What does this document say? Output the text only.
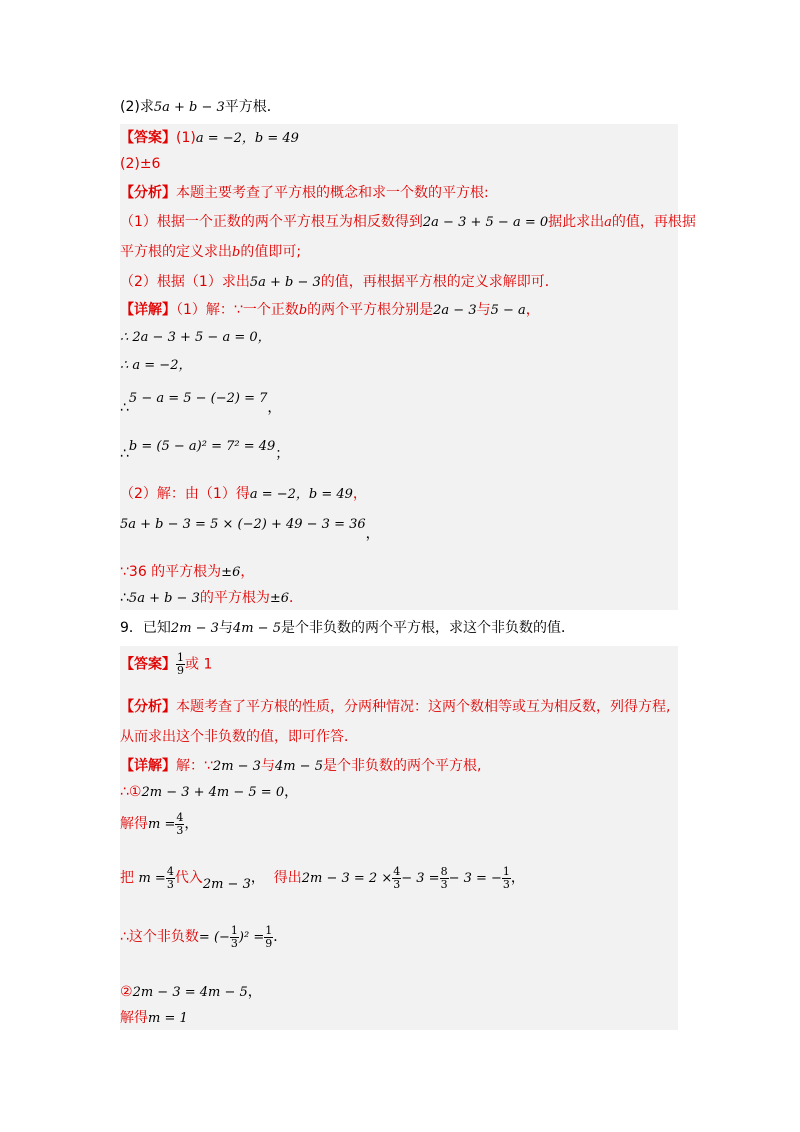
(2)求5a + b − 3平方根．
【答案】(1)a = −2，b = 49
(2)±6
【分析】本题主要考查了平方根的概念和求一个数的平方根:
（1）根据一个正数的两个平方根互为相反数得到2a − 3 + 5 − a = 0据此求出a的值，再根据
平方根的定义求出b的值即可;
（2）根据（1）求出5a + b − 3的值，再根据平方根的定义求解即可．
【详解】（1）解：∵一个正数b的两个平方根分别是2a − 3与5 − a，
∴ 2a − 3 + 5 − a = 0，
∴ a = −2，
∴5 − a = 5 − (−2) = 7，
∴b = (5 − a)² = 7² = 49；
（2）解：由（1）得a = −2，b = 49，
5a + b − 3 = 5 × (−2) + 49 − 3 = 36，
∵36 的平方根为±6，
∴5a + b − 3的平方根为±6．
9．已知2m − 3与4m − 5是个非负数的两个平方根，求这个非负数的值．
【答案】 $\frac{1}{9}$ 或 1
【分析】本题考查了平方根的性质，分两种情况：这两个数相等或互为相反数，列得方程,
从而求出这个非负数的值，即可作答．
【详解】解：∵2m − 3与4m − 5是个非负数的两个平方根,
∴①2m − 3 + 4m − 5 = 0，
解得$m = \frac{4}{3}$ ，
把 $m = \frac{4}{3}$ 代入2m − 3， 得出$2m - 3 = 2 \times \frac{4}{3} - 3 = \frac{8}{3} - 3$ = − $\frac{1}{3}$ ，
∴这个非负数= (− $\frac{1}{3} )^2 = \frac{1}{9}$ ．
②2m − 3 = 4m − 5，
解得m = 1
